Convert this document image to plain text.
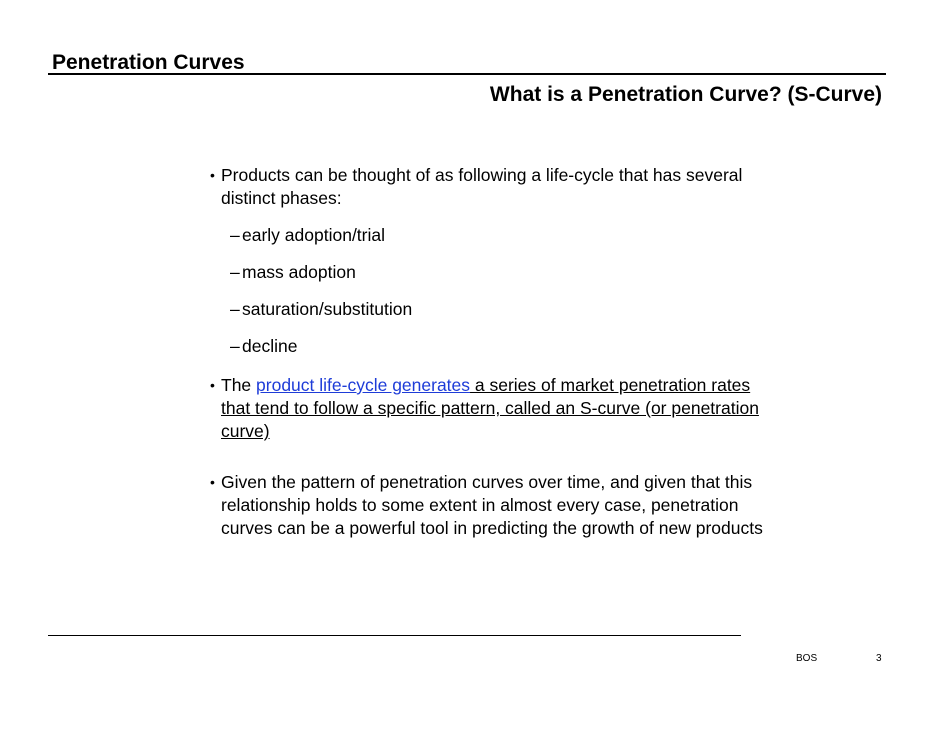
Penetration Curves
What is a Penetration Curve? (S-Curve)
• Products can be thought of as following a life-cycle that has several distinct phases:
– early adoption/trial
– mass adoption
– saturation/substitution
– decline
• The product life-cycle generates a series of market penetration rates that tend to follow a specific pattern, called an S-curve (or penetration curve)
• Given the pattern of penetration curves over time, and given that this relationship holds to some extent in almost every case, penetration curves can be a powerful tool in predicting the growth of new products
BOS	3
